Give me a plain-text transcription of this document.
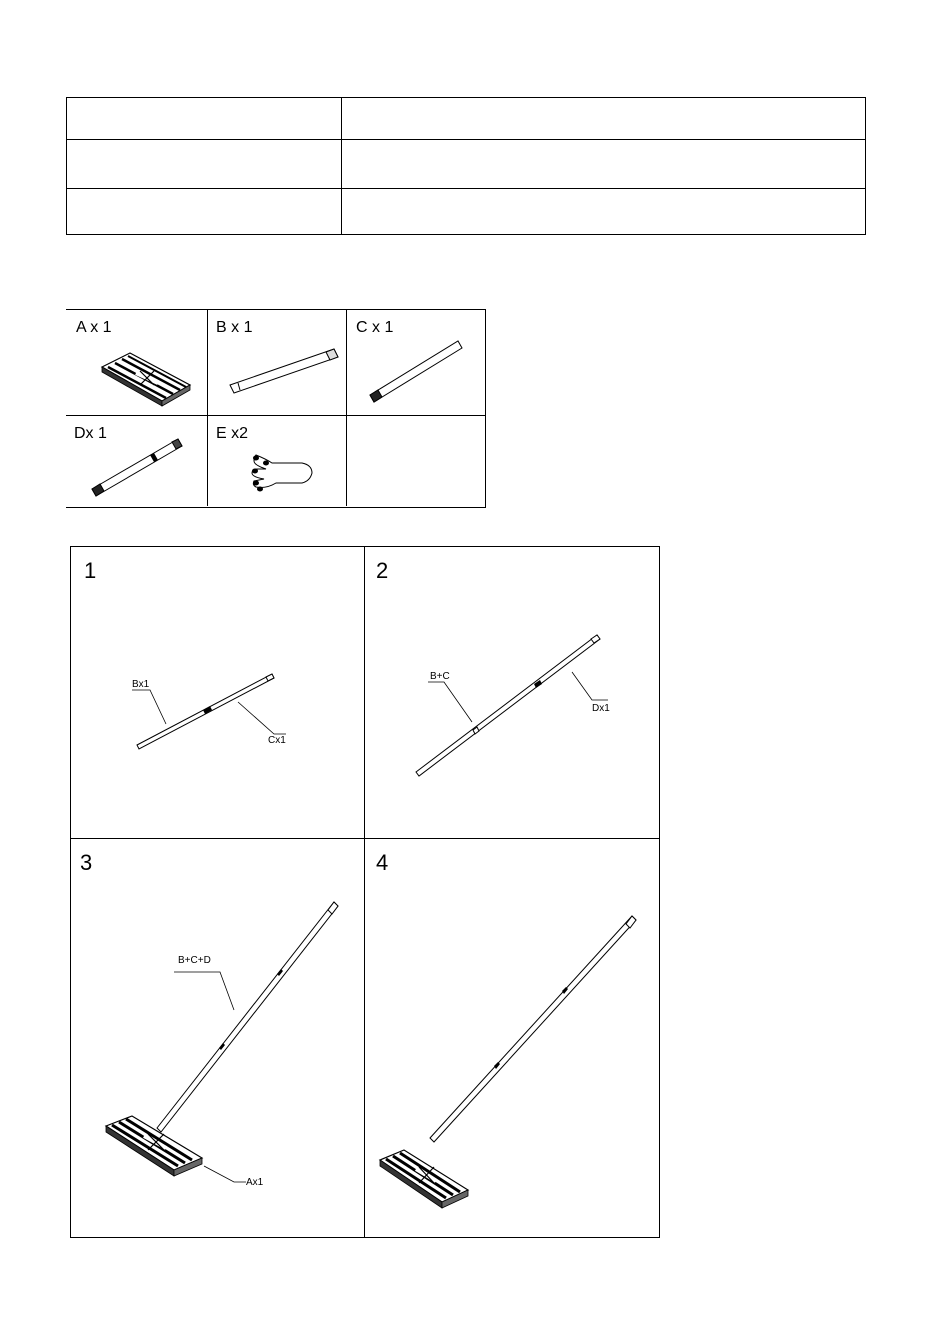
A x 1	B x 1	C x 1
Dx 1	E x2
1
Bx1
Cx1
2
B+C
Dx1
3
B+C+D
Ax1
4
